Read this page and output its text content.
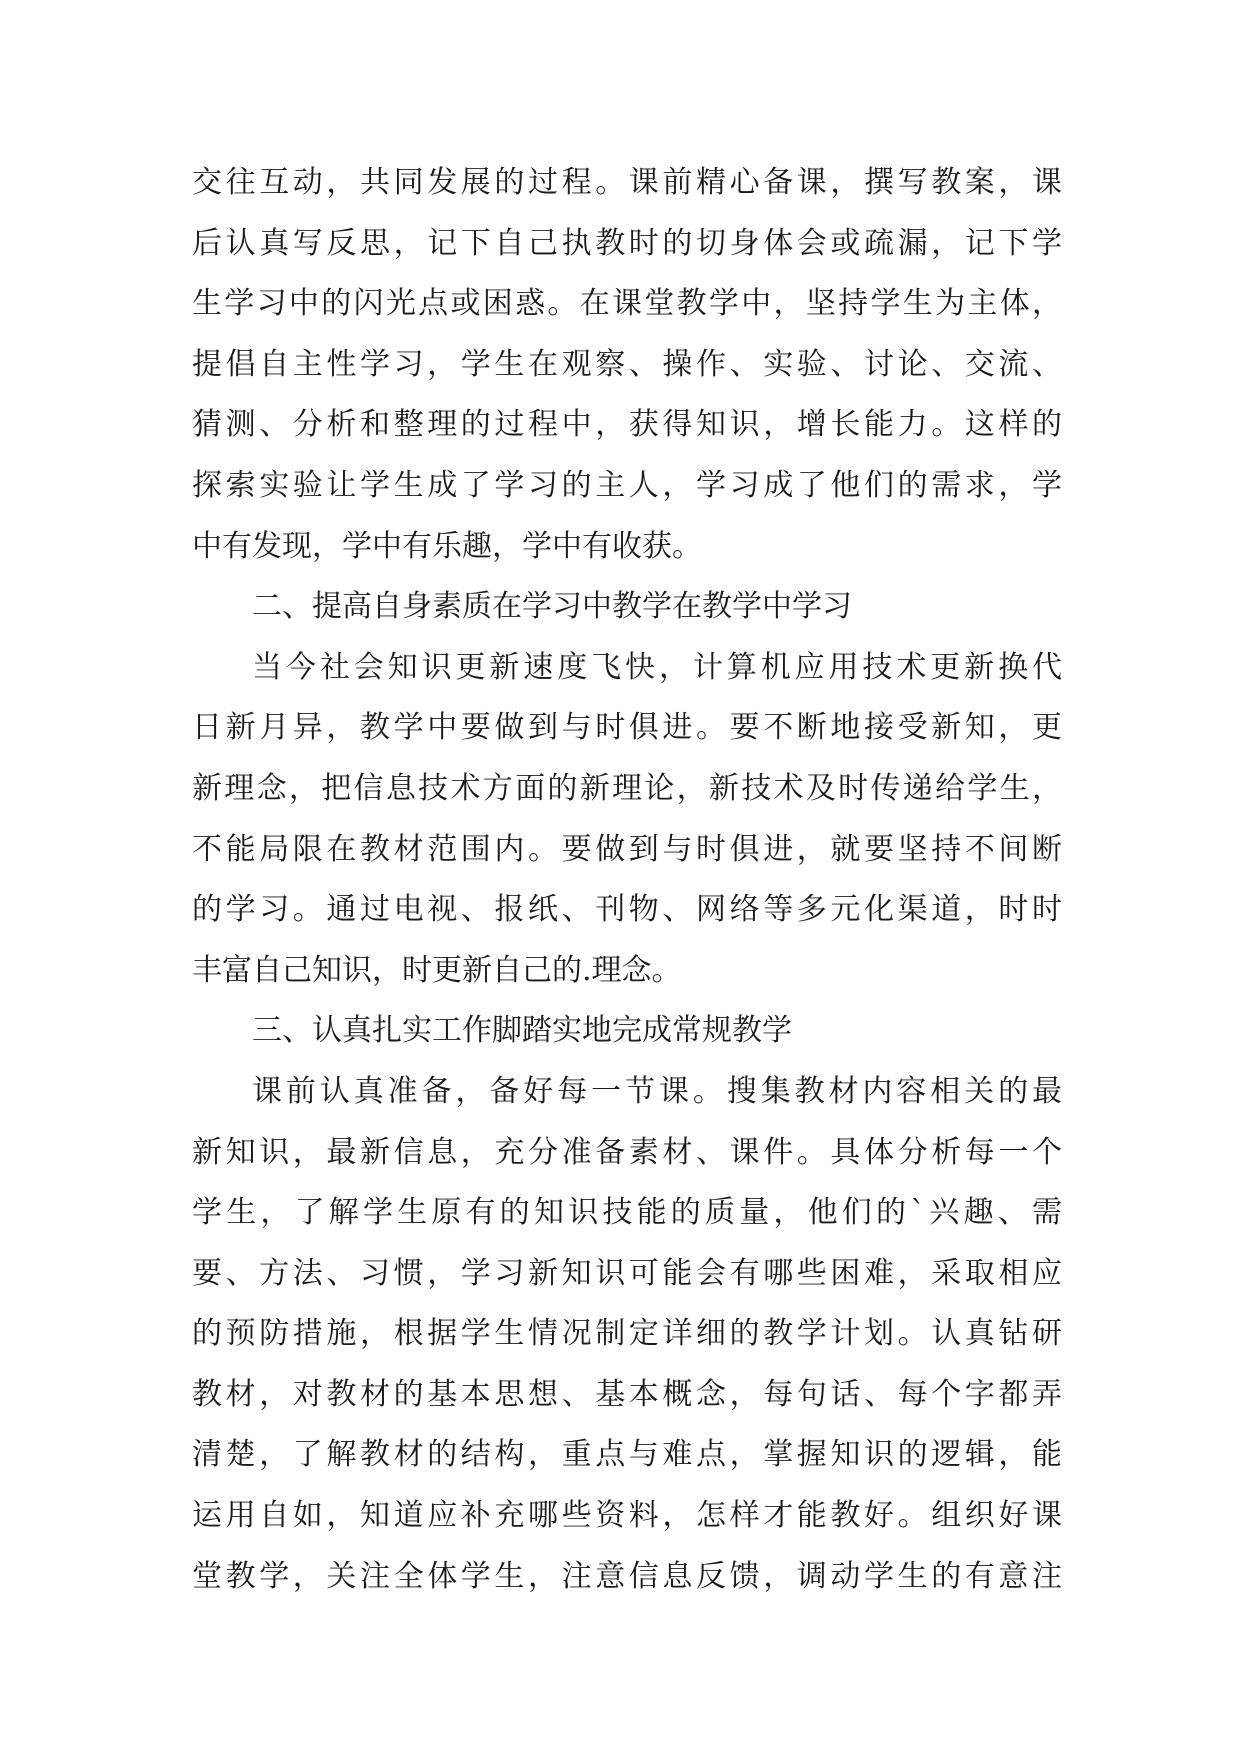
交往互动，共同发展的过程。课前精心备课，撰写教案，课
后认真写反思，记下自己执教时的切身体会或疏漏，记下学
生学习中的闪光点或困惑。在课堂教学中，坚持学生为主体，
提倡自主性学习，学生在观察、操作、实验、讨论、交流、
猜测、分析和整理的过程中，获得知识，增长能力。这样的
探索实验让学生成了学习的主人，学习成了他们的需求，学
中有发现，学中有乐趣，学中有收获。
二、提高自身素质在学习中教学在教学中学习
当今社会知识更新速度飞快，计算机应用技术更新换代
日新月异，教学中要做到与时俱进。要不断地接受新知，更
新理念，把信息技术方面的新理论，新技术及时传递给学生，
不能局限在教材范围内。要做到与时俱进，就要坚持不间断
的学习。通过电视、报纸、刊物、网络等多元化渠道，时时
丰富自己知识，时更新自己的.理念。
三、认真扎实工作脚踏实地完成常规教学
课前认真准备，备好每一节课。搜集教材内容相关的最
新知识，最新信息，充分准备素材、课件。具体分析每一个
学生，了解学生原有的知识技能的质量，他们的`兴趣、需
要、方法、习惯，学习新知识可能会有哪些困难，采取相应
的预防措施，根据学生情况制定详细的教学计划。认真钻研
教材，对教材的基本思想、基本概念，每句话、每个字都弄
清楚，了解教材的结构，重点与难点，掌握知识的逻辑，能
运用自如，知道应补充哪些资料，怎样才能教好。组织好课
堂教学，关注全体学生，注意信息反馈，调动学生的有意注
